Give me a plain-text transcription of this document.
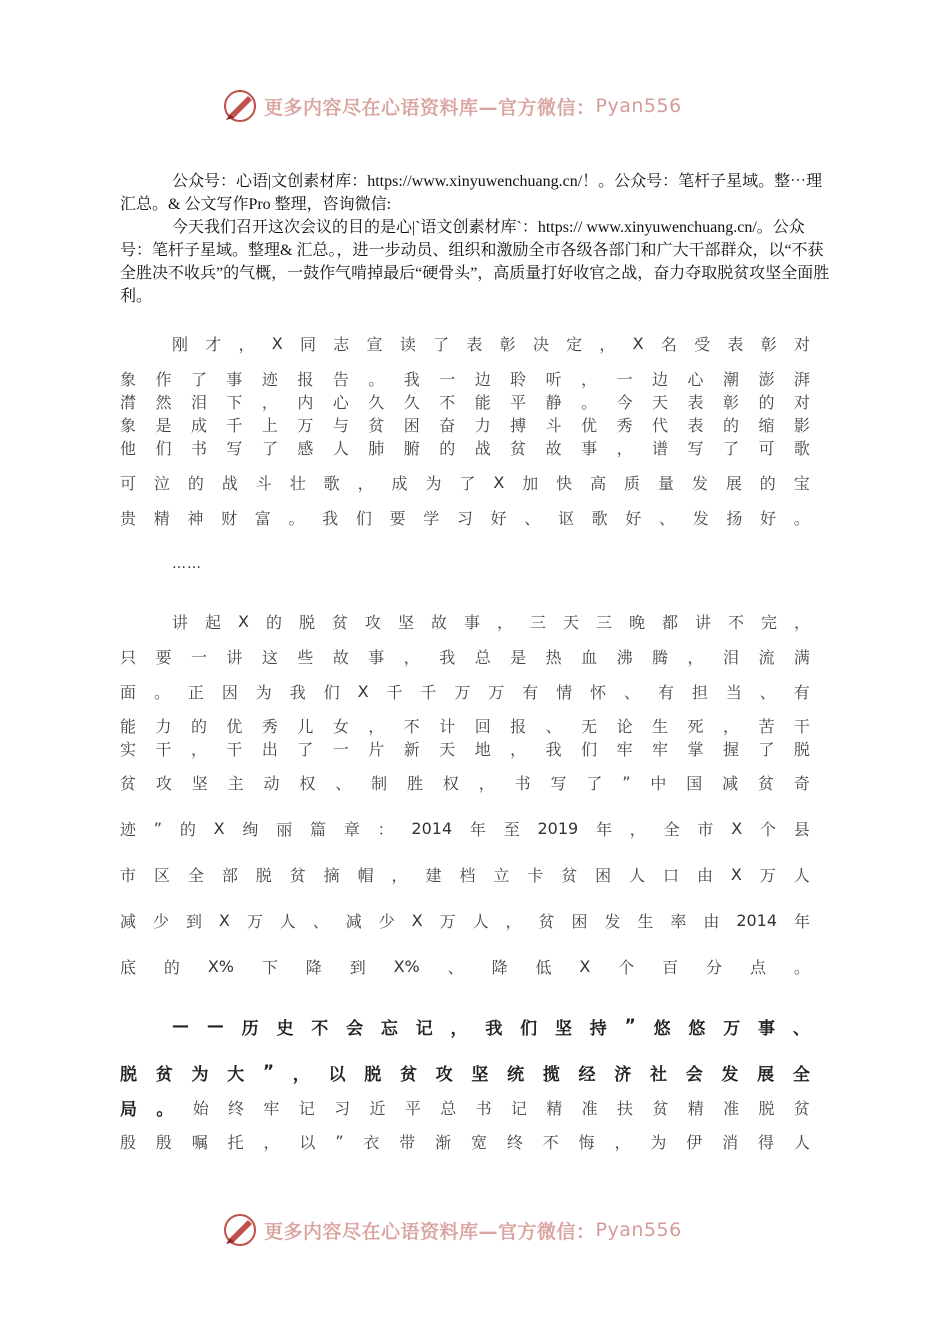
更多内容尽在心语资料库—官方微信： Pyan556
公众号：心语|文创素材库：https://www.xinyuwenchuang.cn/！。公众号：笔杆子星域。整⋯理汇总。& 公文写作Pro 整理，咨询微信:
今天我们召开这次会议的目的是心|`语文创素材库`：https:// www.xinyuwenchuang.cn/。公众号：笔杆子星域。整理& 汇总。，进一步动员、组织和激励全市各级各部门和广大干部群众，以“不获全胜决不收兵”的气概，一鼓作气啃掉最后“硬骨头”，高质量打好收官之战，奋力夺取脱贫攻坚全面胜利。
刚 才 ， X 同 志 宣 读 了 表 彰 决 定 ， X 名 受 表 彰 对
象 作 了 事 迹 报 告 。 我 一 边 聆 听 ， 一 边 心 潮 澎 湃
潸 然 泪 下 ， 内 心 久 久 不 能 平 静 。 今 天 表 彰 的 对
象 是 成 千 上 万 与 贫 困 奋 力 搏 斗 优 秀 代 表 的 缩 影
他 们 书 写 了 感 人 肺 腑 的 战 贫 故 事 ， 谱 写 了 可 歌
可 泣 的 战 斗 壮 歌 ， 成 为 了 X 加 快 高 质 量 发 展 的 宝
贵 精 神 财 富 。 我 们 要 学 习 好 、 讴 歌 好 、 发 扬 好 。
……
讲 起 X 的 脱 贫 攻 坚 故 事 ， 三 天 三 晚 都 讲 不 完 ，
只 要 一 讲 这 些 故 事 ， 我 总 是 热 血 沸 腾 ， 泪 流 满
面 。 正 因 为 我 们 X 千 千 万 万 有 情 怀 、 有 担 当 、 有
能 力 的 优 秀 儿 女 ， 不 计 回 报 、 无 论 生 死 ， 苦 干
实 干 ， 干 出 了 一 片 新 天 地 ， 我 们 牢 牢 掌 握 了 脱
贫 攻 坚 主 动 权 、 制 胜 权 ， 书 写 了 ” 中 国 减 贫 奇
迹 ” 的 X 绚 丽 篇 章 ： 2014 年 至 2019 年 ， 全 市 X 个 县
市 区 全 部 脱 贫 摘 帽 ， 建 档 立 卡 贫 困 人 口 由 X 万 人
减 少 到 X 万 人 、 减 少 X 万 人 ， 贫 困 发 生 率 由 2014 年
底 的 X% 下 降 到 X% 、 降 低 X 个 百 分 点 。
— — 历 史 不 会 忘 记 ， 我 们 坚 持 ” 悠 悠 万 事 、
脱 贫 为 大 ” ， 以 脱 贫 攻 坚 统 揽 经 济 社 会 发 展 全
局 。 始 终 牢 记 习 近 平 总 书 记 精 准 扶 贫 精 准 脱 贫
殷 殷 嘱 托 ， 以 ” 衣 带 渐 宽 终 不 悔 ， 为 伊 消 得 人
更多内容尽在心语资料库—官方微信： Pyan556
